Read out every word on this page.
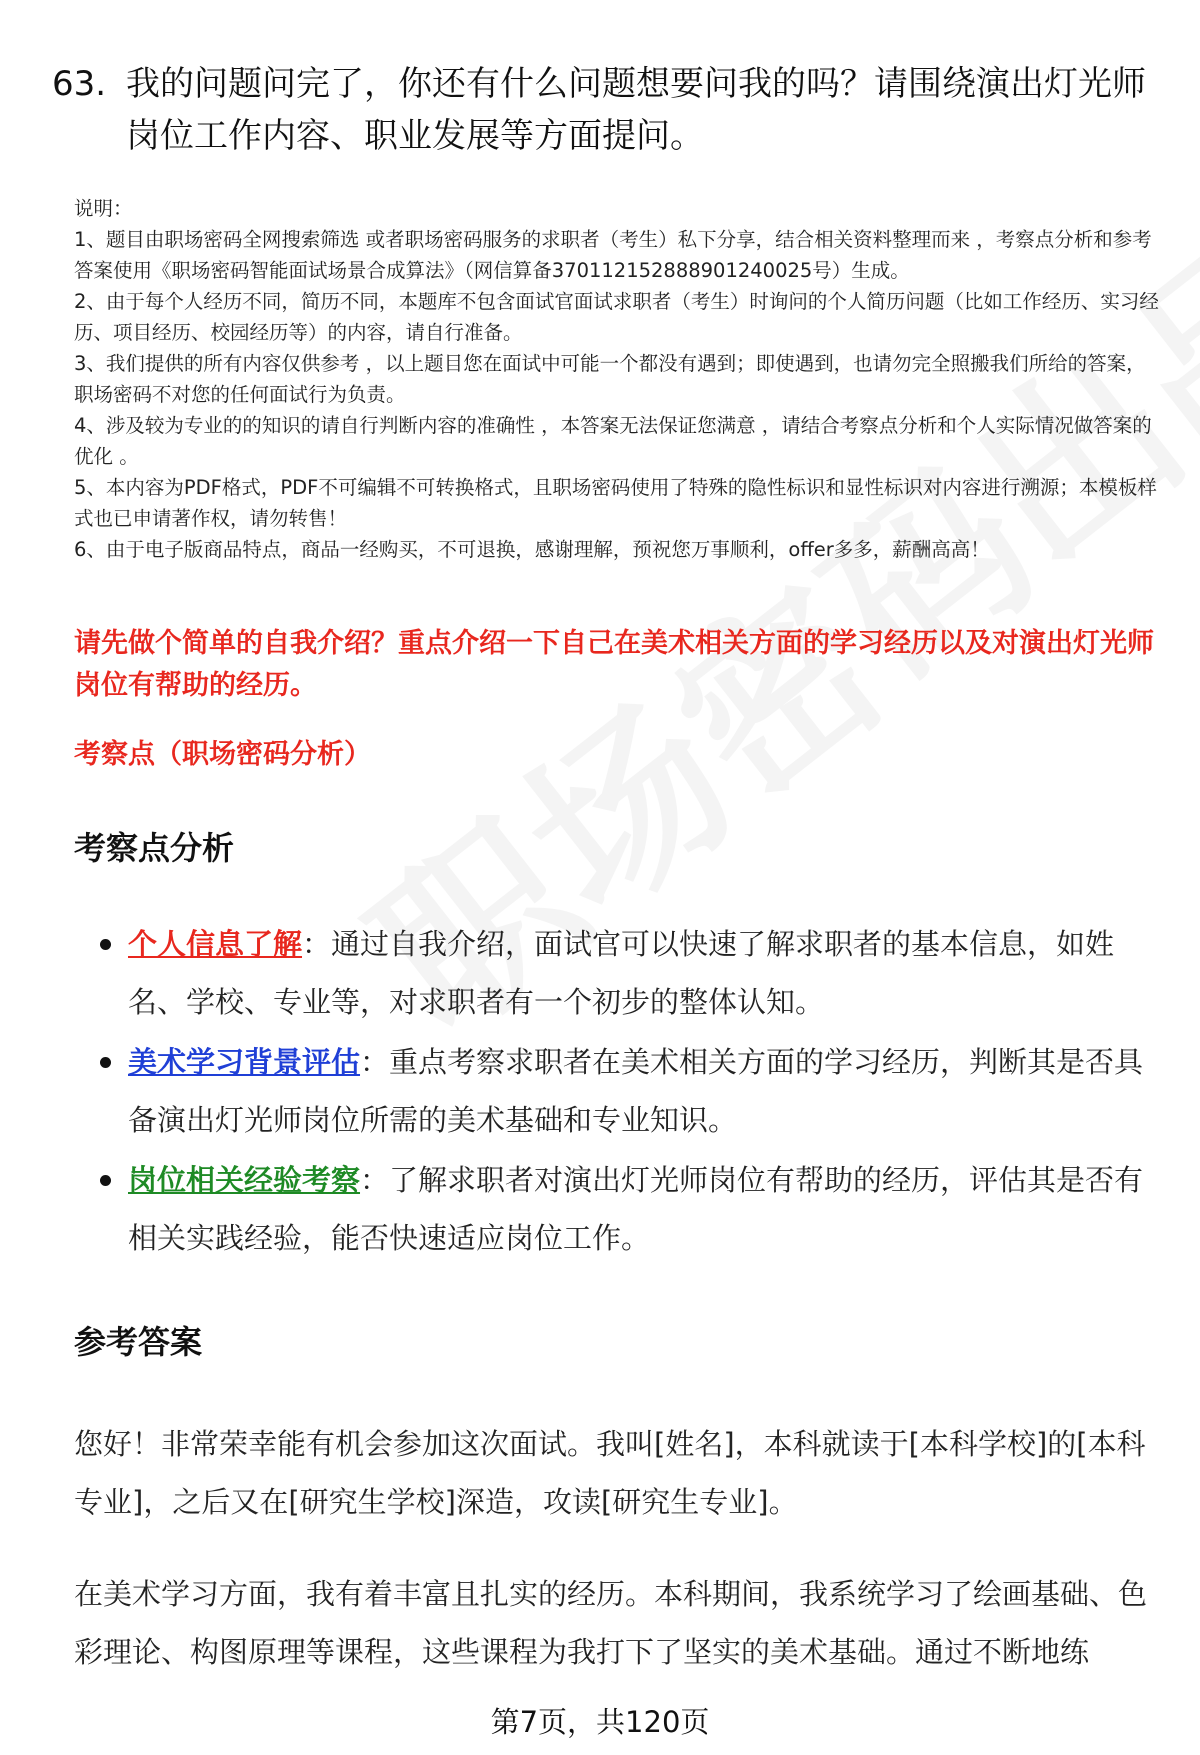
63. 我的问题问完了，你还有什么问题想要问我的吗？请围绕演出灯光师岗位工作内容、职业发展等方面提问。
说明：
1、题目由职场密码全网搜索筛选 或者职场密码服务的求职者（考生）私下分享，结合相关资料整理而来 ，考察点分析和参考答案使用《职场密码智能面试场景合成算法》（网信算备370112152888901240025号）生成。
2、由于每个人经历不同，简历不同，本题库不包含面试官面试求职者（考生）时询问的个人简历问题（比如工作经历、实习经历、项目经历、校园经历等）的内容，请自行准备。
3、我们提供的所有内容仅供参考 ，以上题目您在面试中可能一个都没有遇到；即使遇到，也请勿完全照搬我们所给的答案，职场密码不对您的任何面试行为负责。
4、涉及较为专业的的知识的请自行判断内容的准确性 ，本答案无法保证您满意 ，请结合考察点分析和个人实际情况做答案的优化 。
5、本内容为PDF格式，PDF不可编辑不可转换格式，且职场密码使用了特殊的隐性标识和显性标识对内容进行溯源；本模板样式也已申请著作权，请勿转售！
6、由于电子版商品特点，商品一经购买，不可退换，感谢理解，预祝您万事顺利，offer多多，薪酬高高！
请先做个简单的自我介绍？重点介绍一下自己在美术相关方面的学习经历以及对演出灯光师岗位有帮助的经历。
考察点（职场密码分析）
考察点分析
个人信息了解：通过自我介绍，面试官可以快速了解求职者的基本信息，如姓名、学校、专业等，对求职者有一个初步的整体认知。
美术学习背景评估：重点考察求职者在美术相关方面的学习经历，判断其是否具备演出灯光师岗位所需的美术基础和专业知识。
岗位相关经验考察：了解求职者对演出灯光师岗位有帮助的经历，评估其是否有相关实践经验，能否快速适应岗位工作。
参考答案
您好！非常荣幸能有机会参加这次面试。我叫[姓名]，本科就读于[本科学校]的[本科专业]，之后又在[研究生学校]深造，攻读[研究生专业]。
在美术学习方面，我有着丰富且扎实的经历。本科期间，我系统学习了绘画基础、色彩理论、构图原理等课程，这些课程为我打下了坚实的美术基础。通过不断地练
第7页，共120页
